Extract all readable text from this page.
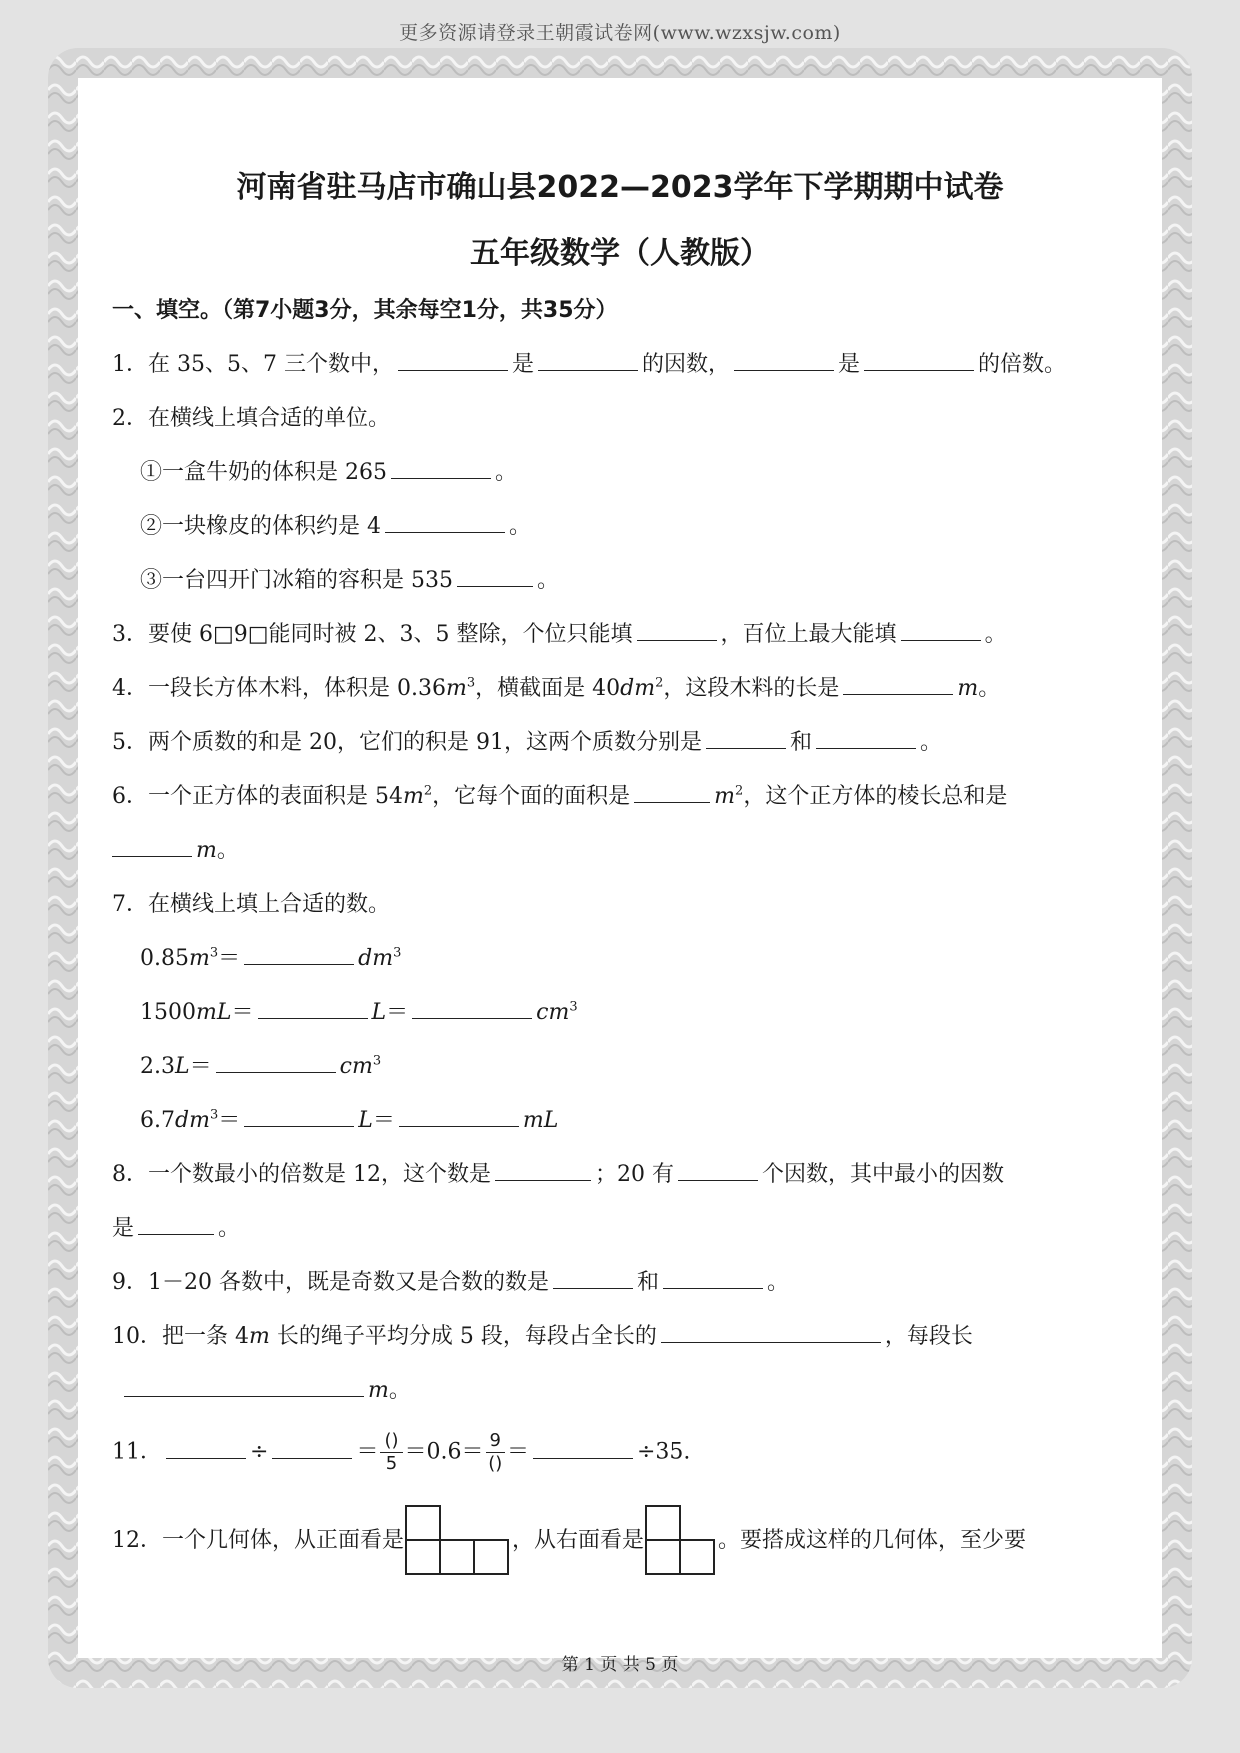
更多资源请登录王朝霞试卷网(www.wzxsjw.com)
河南省驻马店市确山县2022—2023学年下学期期中试卷
五年级数学（人教版）
一、填空。（第7小题3分，其余每空1分，共35分）
1．在 35、5、7 三个数中，	是	的因数，	是	的倍数。
2．在横线上填合适的单位。
①一盒牛奶的体积是 265	。
②一块橡皮的体积约是 4	。
③一台四开门冰箱的容积是 535	。
3．要使 6□9□能同时被 2、3、5 整除，个位只能填	，百位上最大能填	。
4．一段长方体木料，体积是 $0.36m^3$，横截面是 $40dm^2$，这段木料的长是	m。
5．两个质数的和是 20，它们的积是 91，这两个质数分别是	和	。
6．一个正方体的表面积是 $54m^2$，它每个面的面积是	$m^2$，这个正方体的棱长总和是
m。
7．在横线上填上合适的数。
$0.85m^3=$	$dm^3$
1500mL＝	L＝	$cm^3$
2.3L＝	$cm^3$
$6.7dm^3=$	L＝	mL
8．一个数最小的倍数是 12，这个数是	；20 有	个因数，其中最小的因数
是	。
9．1－20 各数中，既是奇数又是合数的数是	和	。
10．把一条 4m 长的绳子平均分成 5 段，每段占全长的	，每段长
m。
11．	÷	＝ $\frac{()}{5}=0.6= \frac{9}{()}=$	÷35.
12．一个几何体，从正面看是	，从右面看是	。要搭成这样的几何体，至少要
第 1 页 共 5 页
